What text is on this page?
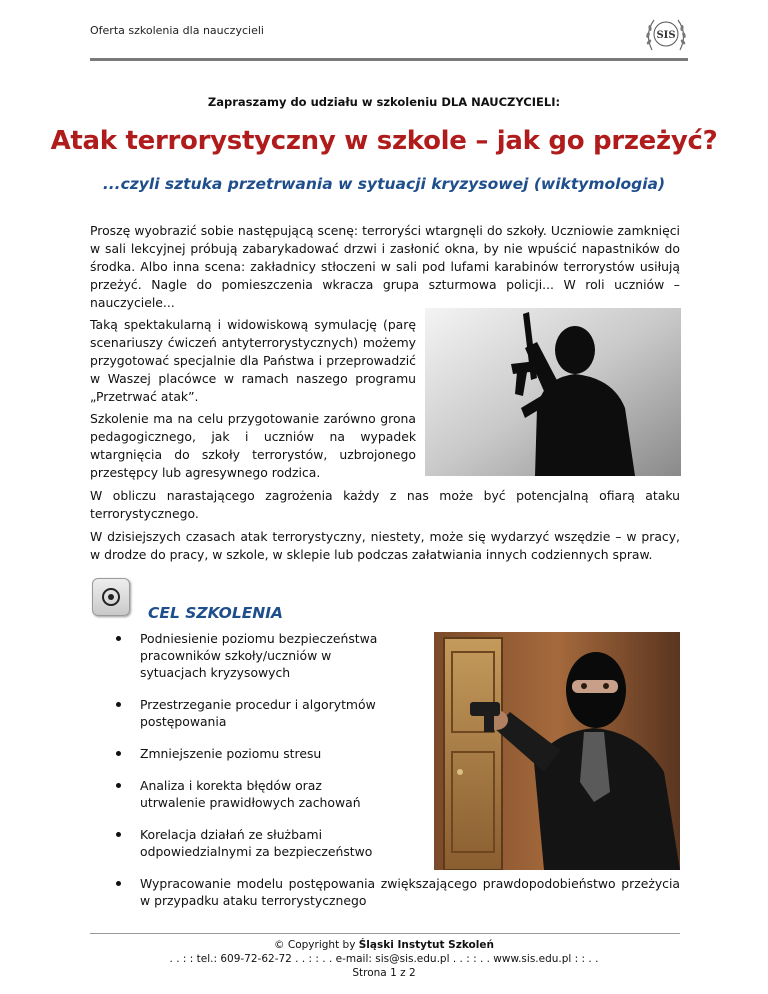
Oferta szkolenia dla nauczycieli	SIS
Zapraszamy do udziału w szkoleniu DLA NAUCZYCIELI:
Atak terrorystyczny w szkole – jak go przeżyć?
...czyli sztuka przetrwania w sytuacji kryzysowej (wiktymologia)

Proszę wyobrazić sobie następującą scenę: terroryści wtargnęli do szkoły. Uczniowie zamknięci w sali lekcyjnej próbują zabarykadować drzwi i zasłonić okna, by nie wpuścić napastników do środka. Albo inna scena: zakładnicy stłoczeni w sali pod lufami karabinów terrorystów usiłują przeżyć. Nagle do pomieszczenia wkracza grupa szturmowa policji... W roli uczniów – nauczyciele...

Taką spektakularną i widowiskową symulację (parę scenariuszy ćwiczeń antyterrorystycznych) możemy przygotować specjalnie dla Państwa i przeprowadzić w Waszej placówce w ramach naszego programu „Przetrwać atak”.

Szkolenie ma na celu przygotowanie zarówno grona pedagogicznego, jak i uczniów na wypadek wtargnięcia do szkoły terrorystów, uzbrojonego przestępcy lub agresywnego rodzica.

W obliczu narastającego zagrożenia każdy z nas może być potencjalną ofiarą ataku terrorystycznego.

W dzisiejszych czasach atak terrorystyczny, niestety, może się wydarzyć wszędzie – w pracy, w drodze do pracy, w szkole, w sklepie lub podczas załatwiania innych codziennych spraw.

CEL SZKOLENIA
Podniesienie poziomu bezpieczeństwa pracowników szkoły/uczniów w sytuacjach kryzysowych
Przestrzeganie procedur i algorytmów postępowania
Zmniejszenie poziomu stresu
Analiza i korekta błędów oraz utrwalenie prawidłowych zachowań
Korelacja działań ze służbami odpowiedzialnymi za bezpieczeństwo
Wypracowanie modelu postępowania zwiększającego prawdopodobieństwo przeżycia w przypadku ataku terrorystycznego
© Copyright by Śląski Instytut Szkoleń
. . : : tel.: 609-72-62-72 . . : : . . e-mail: sis@sis.edu.pl . . : : . . www.sis.edu.pl : : . .
Strona 1 z 2
